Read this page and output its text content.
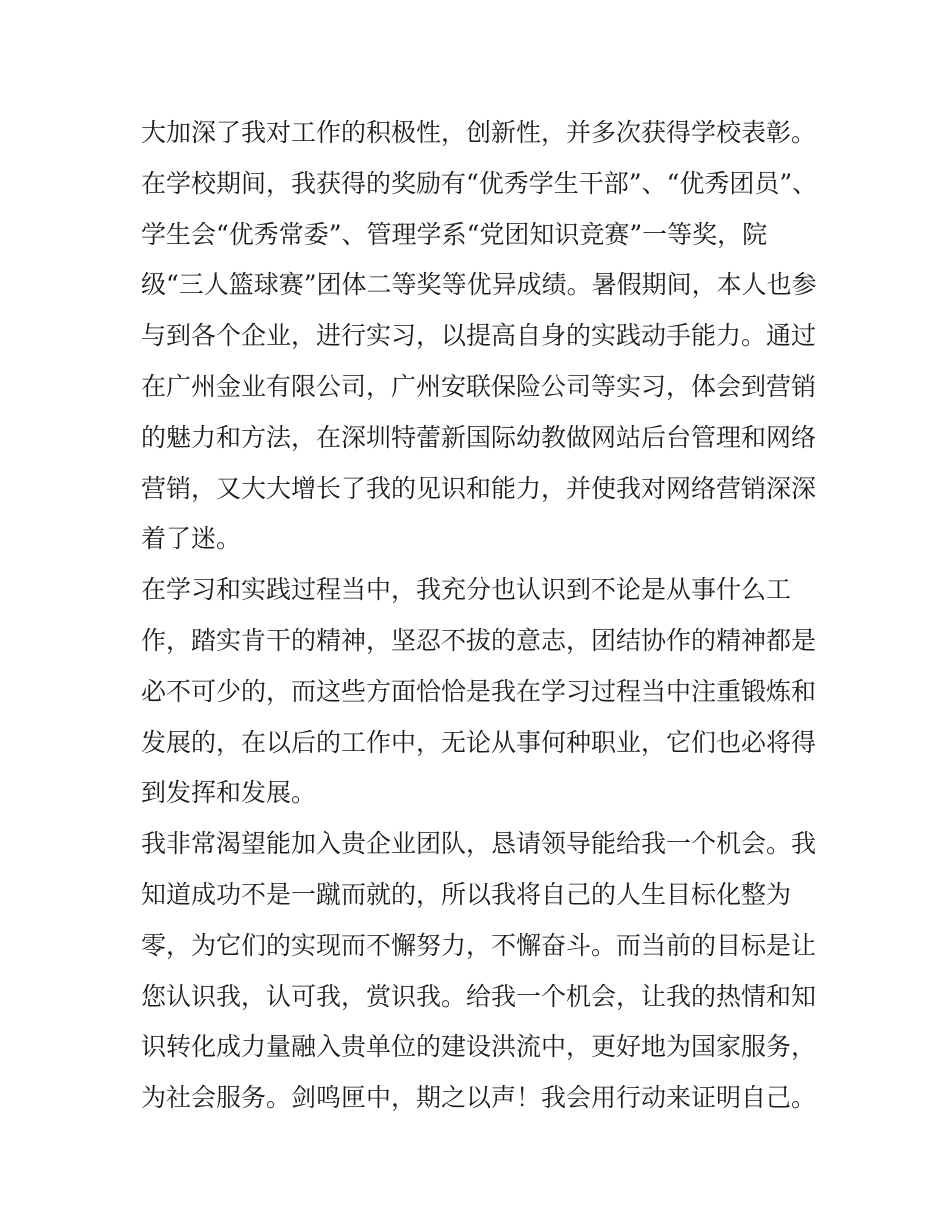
大加深了我对工作的积极性，创新性，并多次获得学校表彰。
在学校期间，我获得的奖励有“优秀学生干部”、“优秀团员”、
学生会“优秀常委”、管理学系“党团知识竞赛”一等奖，院
级“三人篮球赛”团体二等奖等优异成绩。暑假期间，本人也参
与到各个企业，进行实习，以提高自身的实践动手能力。通过
在广州金业有限公司，广州安联保险公司等实习，体会到营销
的魅力和方法，在深圳特蕾新国际幼教做网站后台管理和网络
营销，又大大增长了我的见识和能力，并使我对网络营销深深
着了迷。
在学习和实践过程当中，我充分也认识到不论是从事什么工
作，踏实肯干的精神，坚忍不拔的意志，团结协作的精神都是
必不可少的，而这些方面恰恰是我在学习过程当中注重锻炼和
发展的，在以后的工作中，无论从事何种职业，它们也必将得
到发挥和发展。
我非常渴望能加入贵企业团队，恳请领导能给我一个机会。我
知道成功不是一蹴而就的，所以我将自己的人生目标化整为
零，为它们的实现而不懈努力，不懈奋斗。而当前的目标是让
您认识我，认可我，赏识我。给我一个机会，让我的热情和知
识转化成力量融入贵单位的建设洪流中，更好地为国家服务，
为社会服务。剑鸣匣中，期之以声！我会用行动来证明自己。
